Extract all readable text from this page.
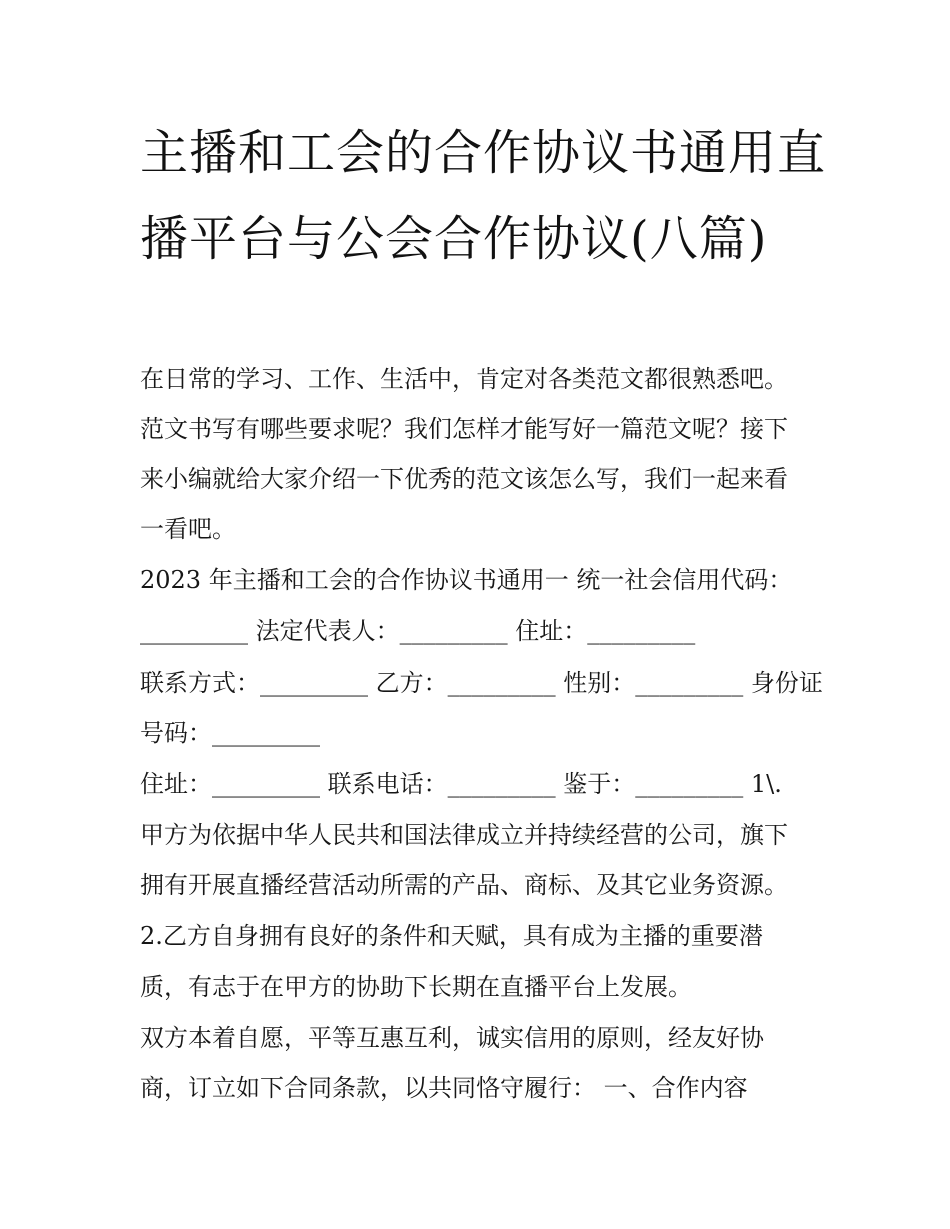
主播和工会的合作协议书通用直播平台与公会合作协议(八篇)
在日常的学习、工作、生活中，肯定对各类范文都很熟悉吧。
范文书写有哪些要求呢？我们怎样才能写好一篇范文呢？接下
来小编就给大家介绍一下优秀的范文该怎么写，我们一起来看
一看吧。
2023 年主播和工会的合作协议书通用一 统一社会信用代码：
_________ 法定代表人：_________ 住址：_________
联系方式：_________ 乙方：_________ 性别：_________ 身份证
号码：_________
住址：_________ 联系电话：_________ 鉴于：_________ 1\.
甲方为依据中华人民共和国法律成立并持续经营的公司，旗下
拥有开展直播经营活动所需的产品、商标、及其它业务资源。
2.乙方自身拥有良好的条件和天赋，具有成为主播的重要潜
质，有志于在甲方的协助下长期在直播平台上发展。
双方本着自愿，平等互惠互利，诚实信用的原则，经友好协
商，订立如下合同条款，以共同恪守履行： 一、合作内容
